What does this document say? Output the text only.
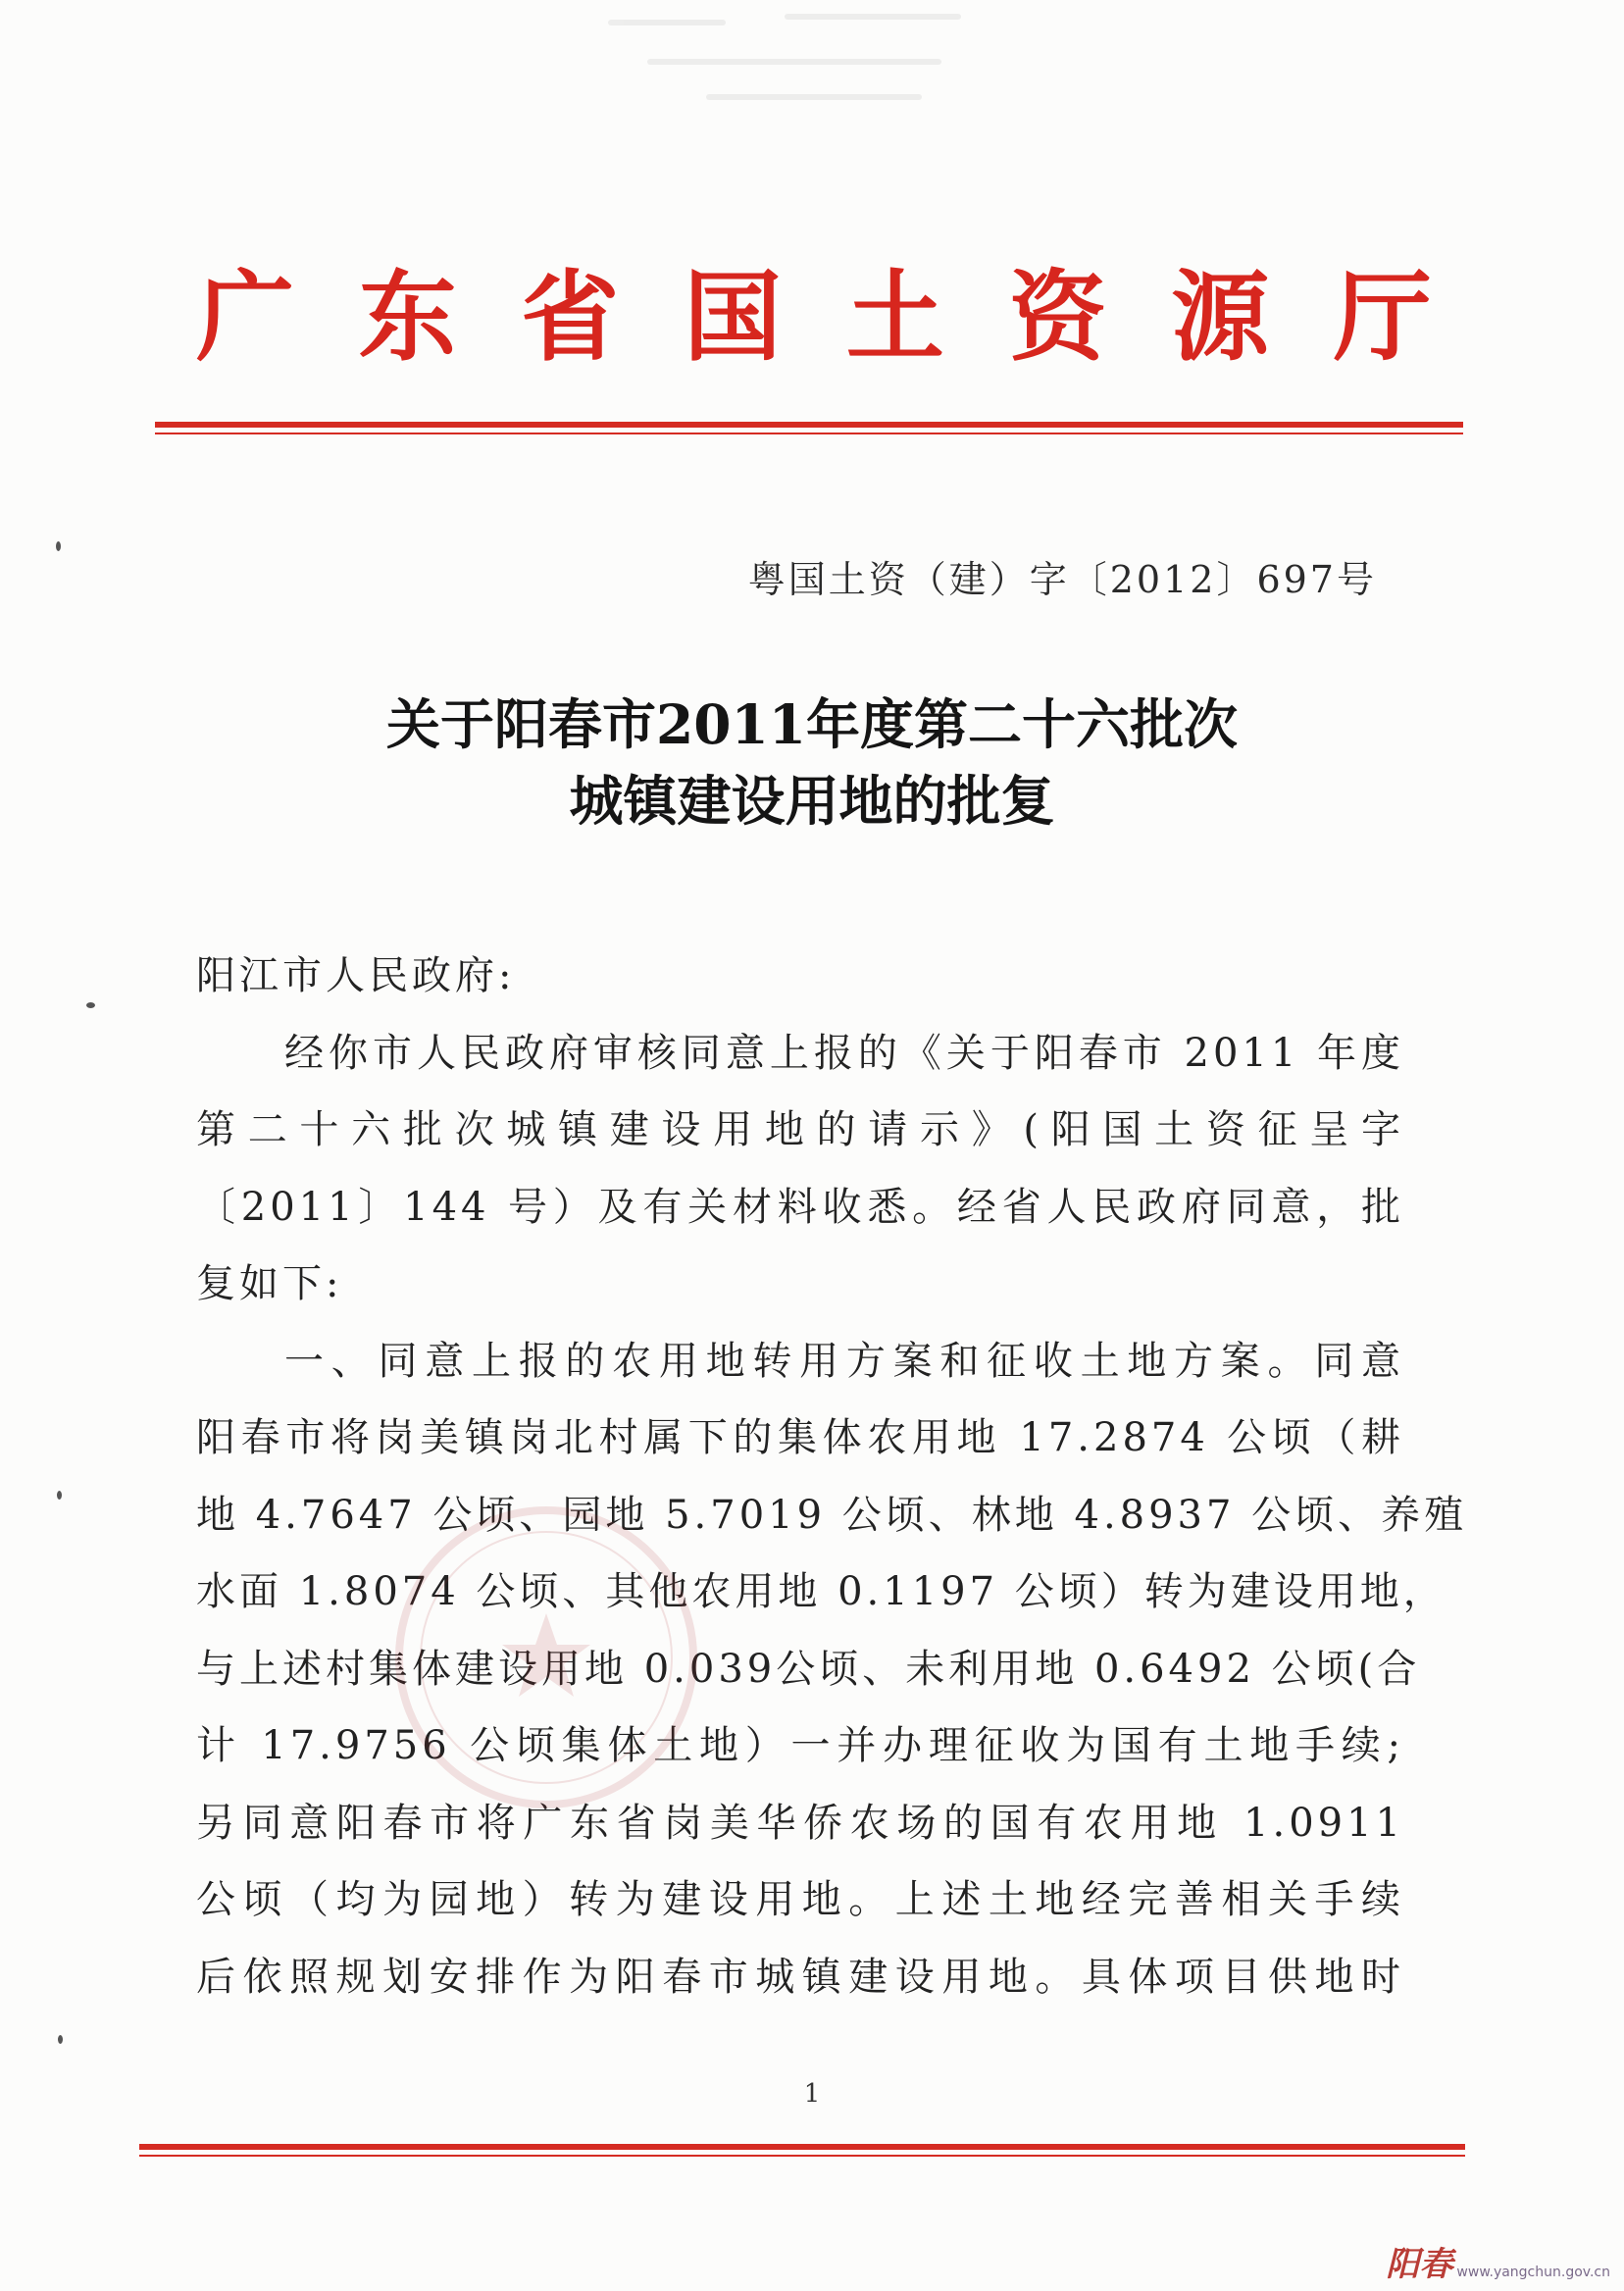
广 东 省 国 土 资 源 厅
粤国土资（建）字〔2012〕697号
关于阳春市2011年度第二十六批次
城镇建设用地的批复
阳江市人民政府:
经你市人民政府审核同意上报的《关于阳春市 2011 年度
第二十六批次城镇建设用地的请示》(阳国土资征呈字
〔2011〕144 号）及有关材料收悉。经省人民政府同意，批
复如下:
一、同意上报的农用地转用方案和征收土地方案。同意
阳春市将岗美镇岗北村属下的集体农用地 17.2874 公顷（耕
地 4.7647 公顷、园地 5.7019 公顷、林地 4.8937 公顷、养殖
水面 1.8074 公顷、其他农用地 0.1197 公顷）转为建设用地，
与上述村集体建设用地 0.039公顷、未利用地 0.6492 公顷(合
计 17.9756 公顷集体土地）一并办理征收为国有土地手续;
另同意阳春市将广东省岗美华侨农场的国有农用地 1.0911
公顷（均为园地）转为建设用地。上述土地经完善相关手续
后依照规划安排作为阳春市城镇建设用地。具体项目供地时
1
阳春 www.yangchun.gov.cn
